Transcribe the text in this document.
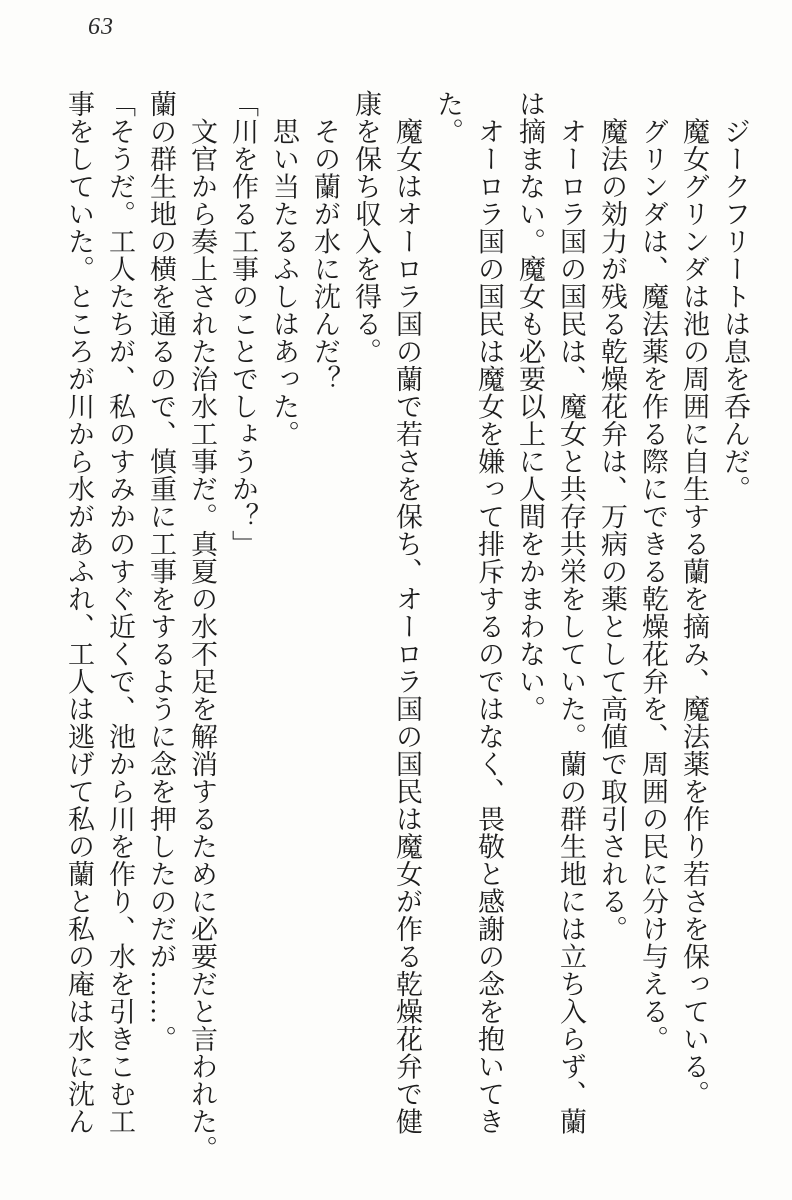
63
　ジークフリートは息を呑んだ。
　魔女グリンダは池の周囲に自生する蘭を摘み、魔法薬を作り若さを保っている。
　グリンダは、魔法薬を作る際にできる乾燥花弁を、周囲の民に分け与える。
　魔法の効力が残る乾燥花弁は、万病の薬として高値で取引される。
　オーロラ国の国民は、魔女と共存共栄をしていた。蘭の群生地には立ち入らず、蘭
は摘まない。魔女も必要以上に人間をかまわない。
　オーロラ国の国民は魔女を嫌って排斥するのではなく、畏敬と感謝の念を抱いてき
た。
　魔女はオーロラ国の蘭で若さを保ち、オーロラ国の国民は魔女が作る乾燥花弁で健
康を保ち収入を得る。
　その蘭が水に沈んだ？
　思い当たるふしはあった。
「川を作る工事のことでしょうか？」
　文官から奏上された治水工事だ。真夏の水不足を解消するために必要だと言われた。
蘭の群生地の横を通るので、慎重に工事をするように念を押したのだが……。
「そうだ。工人たちが、私のすみかのすぐ近くで、池から川を作り、水を引きこむ工
事をしていた。ところが川から水があふれ、工人は逃げて私の蘭と私の庵は水に沈ん
